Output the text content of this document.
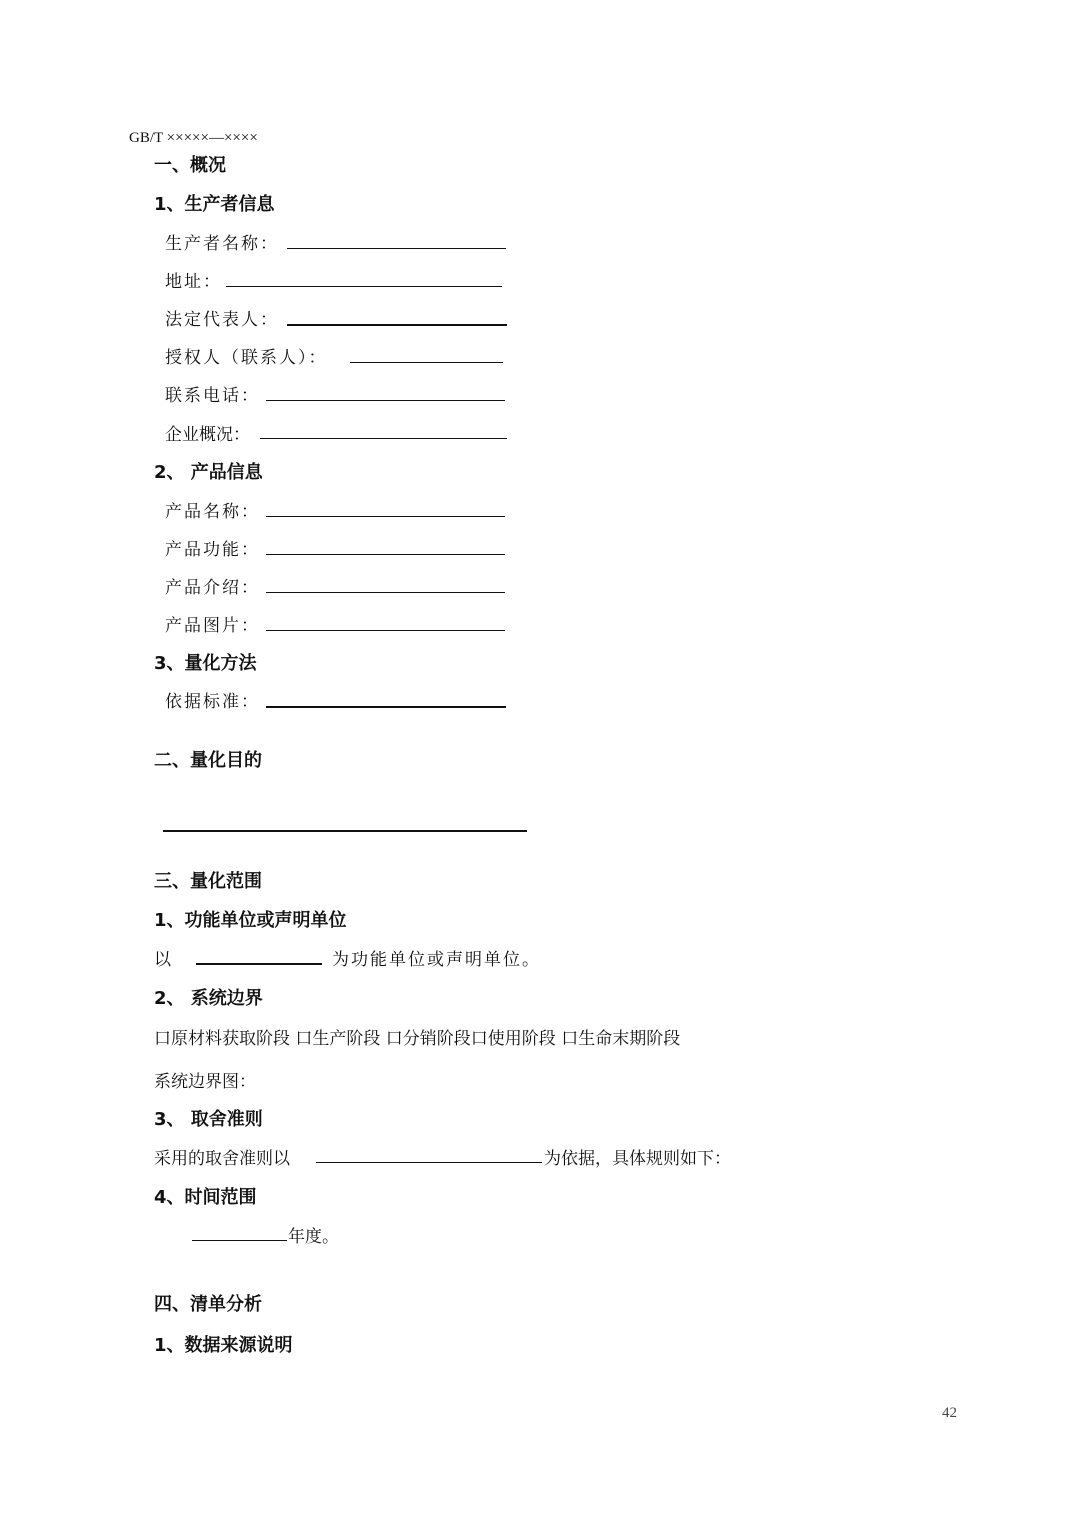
GB/T ×××××—××××
一、概况
1、生产者信息
生产者名称：
地址：
法定代表人：
授权人（联系人）：
联系电话：
企业概况：
2、 产品信息
产品名称：
产品功能：
产品介绍：
产品图片：
3、量化方法
依据标准：
二、量化目的
三、量化范围
1、功能单位或声明单位
以	为功能单位或声明单位。
2、 系统边界
口原材料获取阶段 口生产阶段 口分销阶段口使用阶段 口生命末期阶段
系统边界图：
3、 取舍准则
采用的取舍准则以	为依据，具体规则如下：
4、时间范围
年度。
四、清单分析
1、数据来源说明
42
